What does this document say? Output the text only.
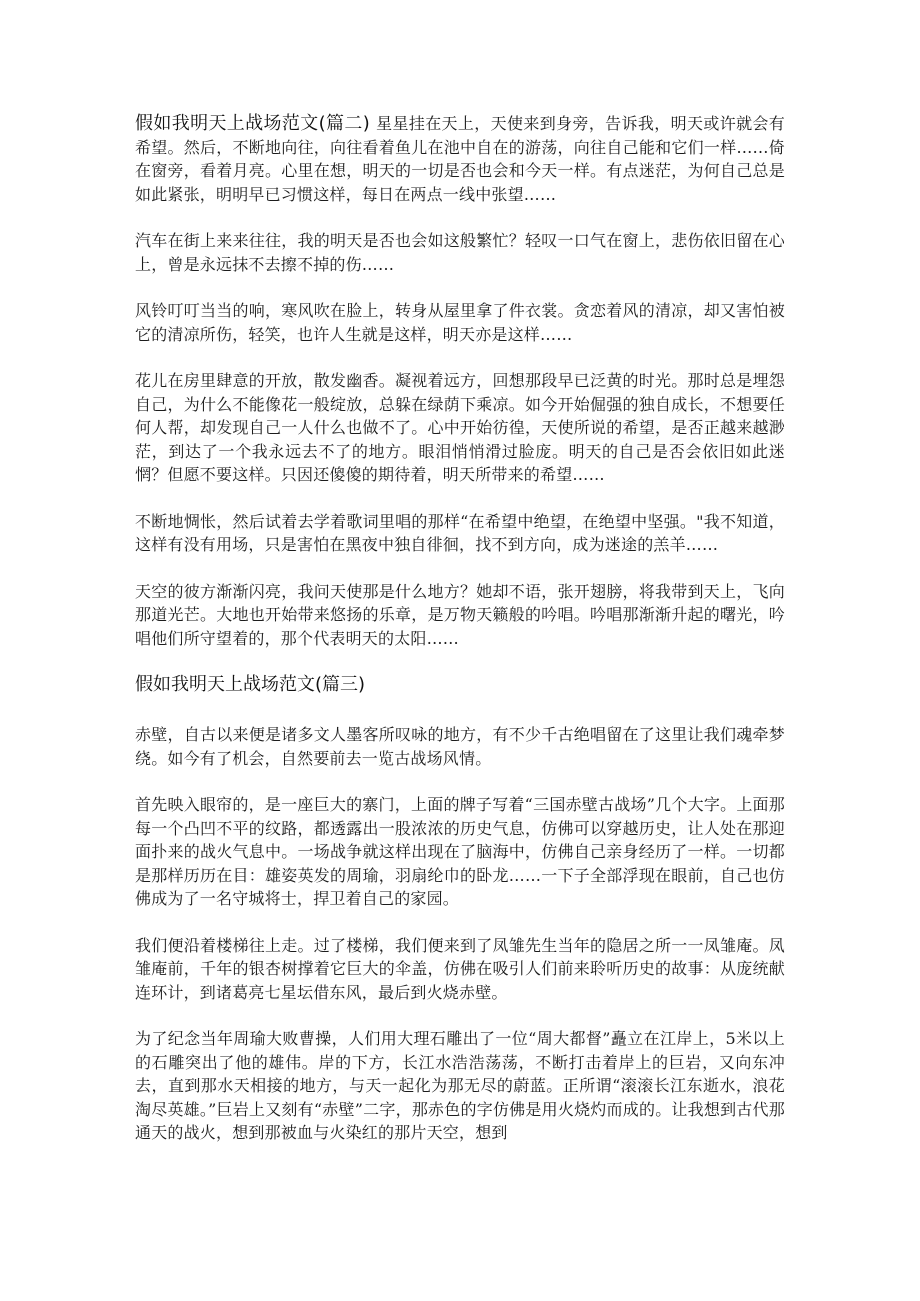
假如我明天上战场范文(篇二) 星星挂在天上，天使来到身旁，告诉我，明天或许就会有希望。然后，不断地向往，向往看着鱼儿在池中自在的游荡，向往自己能和它们一样……倚在窗旁，看着月亮。心里在想，明天的一切是否也会和今天一样。有点迷茫，为何自己总是如此紧张，明明早已习惯这样，每日在两点一线中张望……

汽车在街上来来往往，我的明天是否也会如这般繁忙？轻叹一口气在窗上，悲伤依旧留在心上，曾是永远抹不去擦不掉的伤……

风铃叮叮当当的响，寒风吹在脸上，转身从屋里拿了件衣裳。贪恋着风的清凉，却又害怕被它的清凉所伤，轻笑，也许人生就是这样，明天亦是这样……

花儿在房里肆意的开放，散发幽香。凝视着远方，回想那段早已泛黄的时光。那时总是埋怨自己，为什么不能像花一般绽放，总躲在绿荫下乘凉。如今开始倔强的独自成长，不想要任何人帮，却发现自己一人什么也做不了。心中开始彷徨，天使所说的希望，是否正越来越渺茫，到达了一个我永远去不了的地方。眼泪悄悄滑过脸庞。明天的自己是否会依旧如此迷惘？但愿不要这样。只因还傻傻的期待着，明天所带来的希望……

不断地惆怅，然后试着去学着歌词里唱的那样“在希望中绝望，在绝望中坚强。"我不知道，这样有没有用场，只是害怕在黑夜中独自徘徊，找不到方向，成为迷途的羔羊……

天空的彼方渐渐闪亮，我问天使那是什么地方？她却不语，张开翅膀，将我带到天上，飞向那道光芒。大地也开始带来悠扬的乐章，是万物天籁般的吟唱。吟唱那渐渐升起的曙光，吟唱他们所守望着的，那个代表明天的太阳……

假如我明天上战场范文(篇三)

赤壁，自古以来便是诸多文人墨客所叹咏的地方，有不少千古绝唱留在了这里让我们魂牵梦绕。如今有了机会，自然要前去一览古战场风情。

首先映入眼帘的，是一座巨大的寨门，上面的牌子写着“三国赤壁古战场”几个大字。上面那每一个凸凹不平的纹路，都透露出一股浓浓的历史气息，仿佛可以穿越历史，让人处在那迎面扑来的战火气息中。一场战争就这样出现在了脑海中，仿佛自己亲身经历了一样。一切都是那样历历在目：雄姿英发的周瑜，羽扇纶巾的卧龙……一下子全部浮现在眼前，自己也仿佛成为了一名守城将士，捍卫着自己的家园。

我们便沿着楼梯往上走。过了楼梯，我们便来到了凤雏先生当年的隐居之所一一凤雏庵。凤雏庵前，千年的银杏树撑着它巨大的伞盖，仿佛在吸引人们前来聆听历史的故事：从庞统献连环计，到诸葛亮七星坛借东风，最后到火烧赤壁。

为了纪念当年周瑜大败曹操，人们用大理石雕出了一位“周大都督”矗立在江岸上，5米以上的石雕突出了他的雄伟。岸的下方，长江水浩浩荡荡，不断打击着岸上的巨岩，又向东冲去，直到那水天相接的地方，与天一起化为那无尽的蔚蓝。正所谓“滚滚长江东逝水，浪花淘尽英雄。”巨岩上又刻有“赤壁”二字，那赤色的字仿佛是用火烧灼而成的。让我想到古代那通天的战火，想到那被血与火染红的那片天空，想到
